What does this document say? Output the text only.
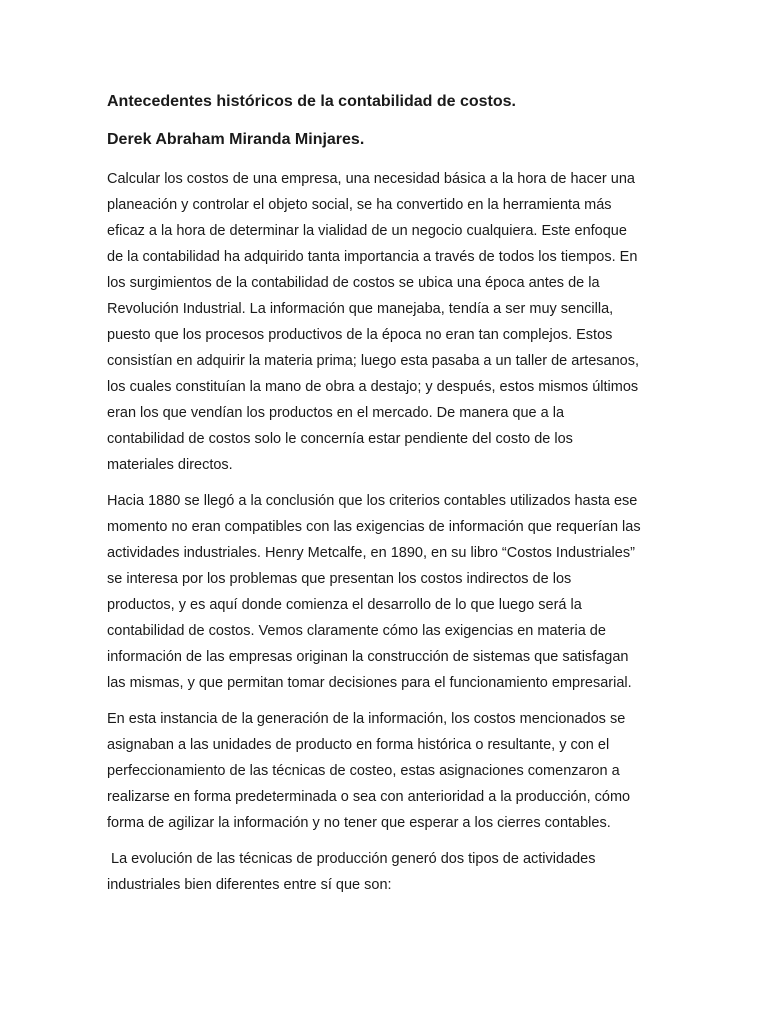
Antecedentes históricos de la contabilidad de costos.
Derek Abraham Miranda Minjares.
Calcular los costos de una empresa, una necesidad básica a la hora de hacer una
planeación y controlar el objeto social, se ha convertido en la herramienta más
eficaz a la hora de determinar la vialidad de un negocio cualquiera. Este enfoque
de la contabilidad ha adquirido tanta importancia a través de todos los tiempos. En
los surgimientos de la contabilidad de costos se ubica una época antes de la
Revolución Industrial. La información que manejaba, tendía a ser muy sencilla,
puesto que los procesos productivos de la época no eran tan complejos. Estos
consistían en adquirir la materia prima; luego esta pasaba a un taller de artesanos,
los cuales constituían la mano de obra a destajo; y después, estos mismos últimos
eran los que vendían los productos en el mercado. De manera que a la
contabilidad de costos solo le concernía estar pendiente del costo de los
materiales directos.
Hacia 1880 se llegó a la conclusión que los criterios contables utilizados hasta ese
momento no eran compatibles con las exigencias de información que requerían las
actividades industriales. Henry Metcalfe, en 1890, en su libro “Costos Industriales”
se interesa por los problemas que presentan los costos indirectos de los
productos, y es aquí donde comienza el desarrollo de lo que luego será la
contabilidad de costos. Vemos claramente cómo las exigencias en materia de
información de las empresas originan la construcción de sistemas que satisfagan
las mismas, y que permitan tomar decisiones para el funcionamiento empresarial.
En esta instancia de la generación de la información, los costos mencionados se
asignaban a las unidades de producto en forma histórica o resultante, y con el
perfeccionamiento de las técnicas de costeo, estas asignaciones comenzaron a
realizarse en forma predeterminada o sea con anterioridad a la producción, cómo
forma de agilizar la información y no tener que esperar a los cierres contables.
La evolución de las técnicas de producción generó dos tipos de actividades
industriales bien diferentes entre sí que son:
